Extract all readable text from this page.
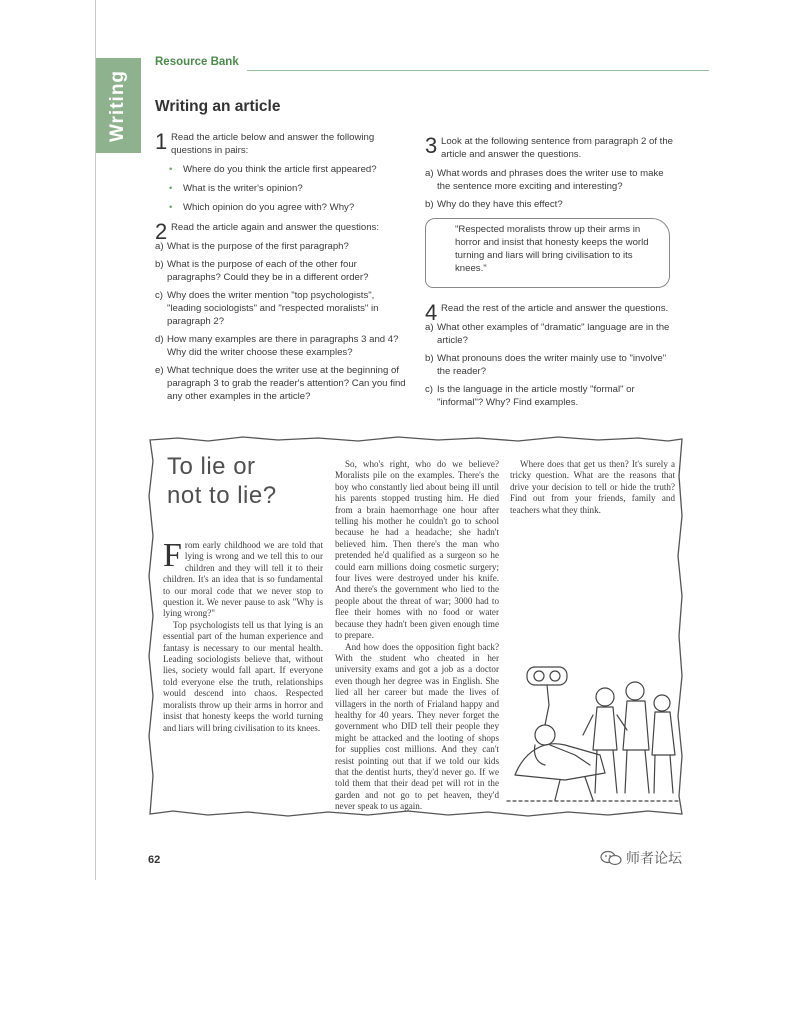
Writing
Resource Bank
Writing an article
1 Read the article below and answer the following questions in pairs:
• Where do you think the article first appeared?
• What is the writer's opinion?
• Which opinion do you agree with? Why?
2 Read the article again and answer the questions:
a) What is the purpose of the first paragraph?
b) What is the purpose of each of the other four paragraphs? Could they be in a different order?
c) Why does the writer mention "top psychologists", "leading sociologists" and "respected moralists" in paragraph 2?
d) How many examples are there in paragraphs 3 and 4? Why did the writer choose these examples?
e) What technique does the writer use at the beginning of paragraph 3 to grab the reader's attention? Can you find any other examples in the article?
3 Look at the following sentence from paragraph 2 of the article and answer the questions.
a) What words and phrases does the writer use to make the sentence more exciting and interesting?
b) Why do they have this effect?
"Respected moralists throw up their arms in horror and insist that honesty keeps the world turning and liars will bring civilisation to its knees."
4 Read the rest of the article and answer the questions.
a) What other examples of "dramatic" language are in the article?
b) What pronouns does the writer mainly use to "involve" the reader?
c) Is the language in the article mostly "formal" or "informal"? Why? Find examples.
To lie or
not to lie?

From early childhood we are told that lying is wrong and we tell this to our children and they will tell it to their children. It's an idea that is so fundamental to our moral code that we never stop to question it. We never pause to ask "Why is lying wrong?"

Top psychologists tell us that lying is an essential part of the human experience and fantasy is necessary to our mental health. Leading sociologists believe that, without lies, society would fall apart. If everyone told everyone else the truth, relationships would descend into chaos. Respected moralists throw up their arms in horror and insist that honesty keeps the world turning and liars will bring civilisation to its knees.

So, who's right, who do we believe? Moralists pile on the examples. There's the boy who constantly lied about being ill until his parents stopped trusting him. He died from a brain haemorrhage one hour after telling his mother he couldn't go to school because he had a headache; she hadn't believed him. Then there's the man who pretended he'd qualified as a surgeon so he could earn millions doing cosmetic surgery; four lives were destroyed under his knife. And there's the government who lied to the people about the threat of war; 3000 had to flee their homes with no food or water because they hadn't been given enough time to prepare.

And how does the opposition fight back? With the student who cheated in her university exams and got a job as a doctor even though her degree was in English. She lied all her career but made the lives of villagers in the north of Frialand happy and healthy for 40 years. They never forget the government who DID tell their people they might be attacked and the looting of shops for supplies cost millions. And they can't resist pointing out that if we told our kids that the dentist hurts, they'd never go. If we told them that their dead pet will rot in the garden and not go to pet heaven, they'd never speak to us again.

Where does that get us then? It's surely a tricky question. What are the reasons that drive your decision to tell or hide the truth? Find out from your friends, family and teachers what they think.

62	师者论坛
